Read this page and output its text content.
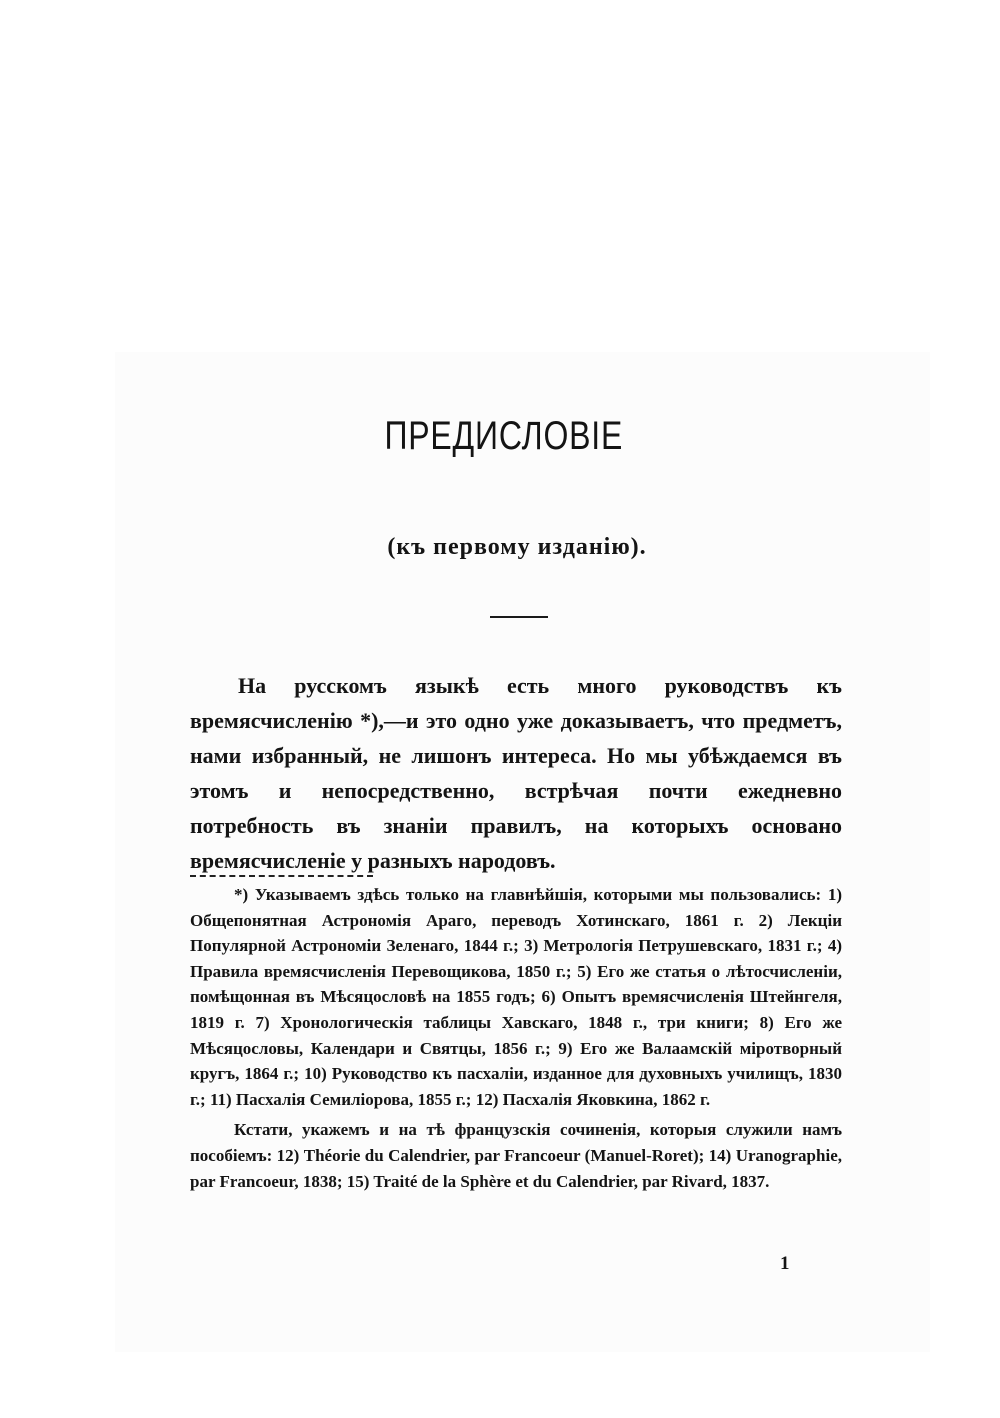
ПРЕДИСЛОВІЕ
(къ первому изданію).

На русскомъ языкѣ есть много руководствъ къ времясчисленію *),—и это одно уже доказываетъ, что предметъ, нами избранный, не лишонъ интереса. Но мы убѣждаемся въ этомъ и непосредственно, встрѣчая почти ежедневно потребность въ знаніи правилъ, на которыхъ основано времясчисленіе у разныхъ народовъ.

*) Указываемъ здѣсь только на главнѣйшія, которыми мы пользовались: 1) Общепонятная Астрономія Араго, переводъ Хотинскаго, 1861 г. 2) Лекціи Популярной Астрономіи Зеленаго, 1844 г.; 3) Метрологія Петрушевскаго, 1831 г.; 4) Правила времясчисленія Перевощикова, 1850 г.; 5) Его же статья о лѣтосчисленіи, помѣщонная въ Мѣсяцословѣ на 1855 годъ; 6) Опытъ времясчисленія Штейнгеля, 1819 г. 7) Хронологическія таблицы Хавскаго, 1848 г., три книги; 8) Его же Мѣсяцословы, Календари и Святцы, 1856 г.; 9) Его же Валаамскій міротворный кругъ, 1864 г.; 10) Руководство къ пасхаліи, изданное для духовныхъ училищъ, 1830 г.; 11) Пасхалія Семиліорова, 1855 г.; 12) Пасхалія Яковкина, 1862 г.

Кстати, укажемъ и на тѣ французскія сочиненія, которыя служили намъ пособіемъ: 12) Théorie du Calendrier, par Francoeur (Manuel-Roret); 14) Uranographie, par Francoeur, 1838; 15) Traité de la Sphère et du Calendrier, par Rivard, 1837.

1
